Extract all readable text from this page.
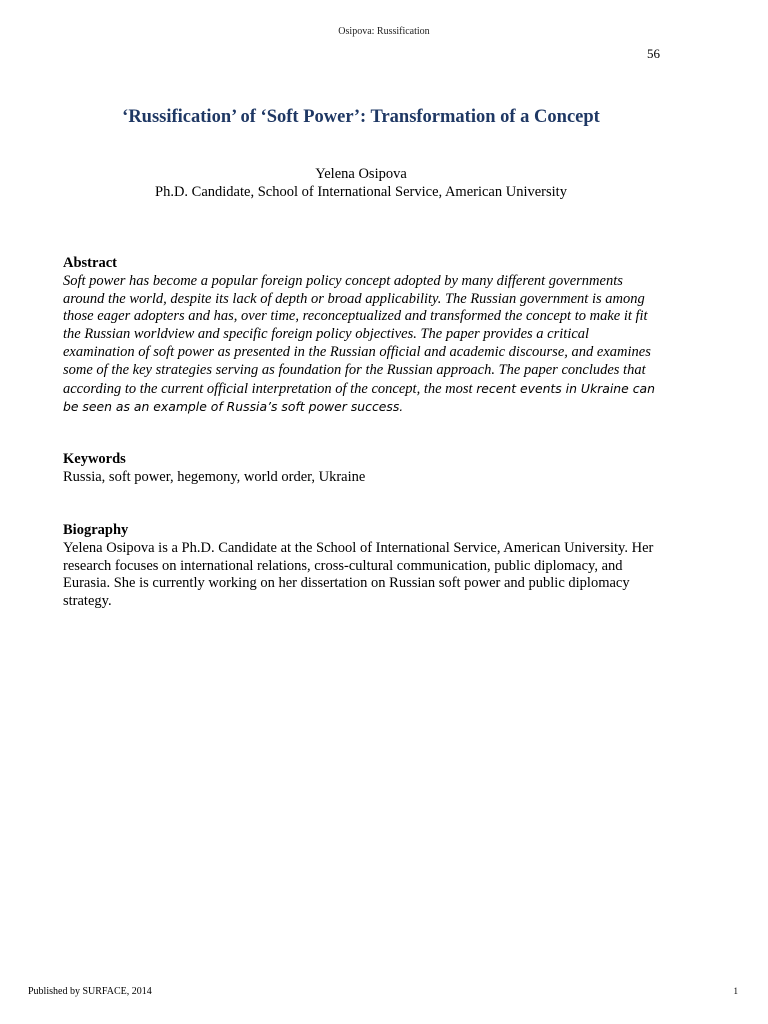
Osipova: Russification
56
‘Russification’ of ‘Soft Power’: Transformation of a Concept
Yelena Osipova
Ph.D. Candidate, School of International Service, American University
Abstract
Soft power has become a popular foreign policy concept adopted by many different governments around the world, despite its lack of depth or broad applicability. The Russian government is among those eager adopters and has, over time, reconceptualized and transformed the concept to make it fit the Russian worldview and specific foreign policy objectives. The paper provides a critical examination of soft power as presented in the Russian official and academic discourse, and examines some of the key strategies serving as foundation for the Russian approach. The paper concludes that according to the current official interpretation of the concept, the most recent events in Ukraine can be seen as an example of Russia’s soft power success.
Keywords
Russia, soft power, hegemony, world order, Ukraine
Biography
Yelena Osipova is a Ph.D. Candidate at the School of International Service, American University. Her research focuses on international relations, cross-cultural communication, public diplomacy, and Eurasia. She is currently working on her dissertation on Russian soft power and public diplomacy strategy.
Published by SURFACE, 2014	1
